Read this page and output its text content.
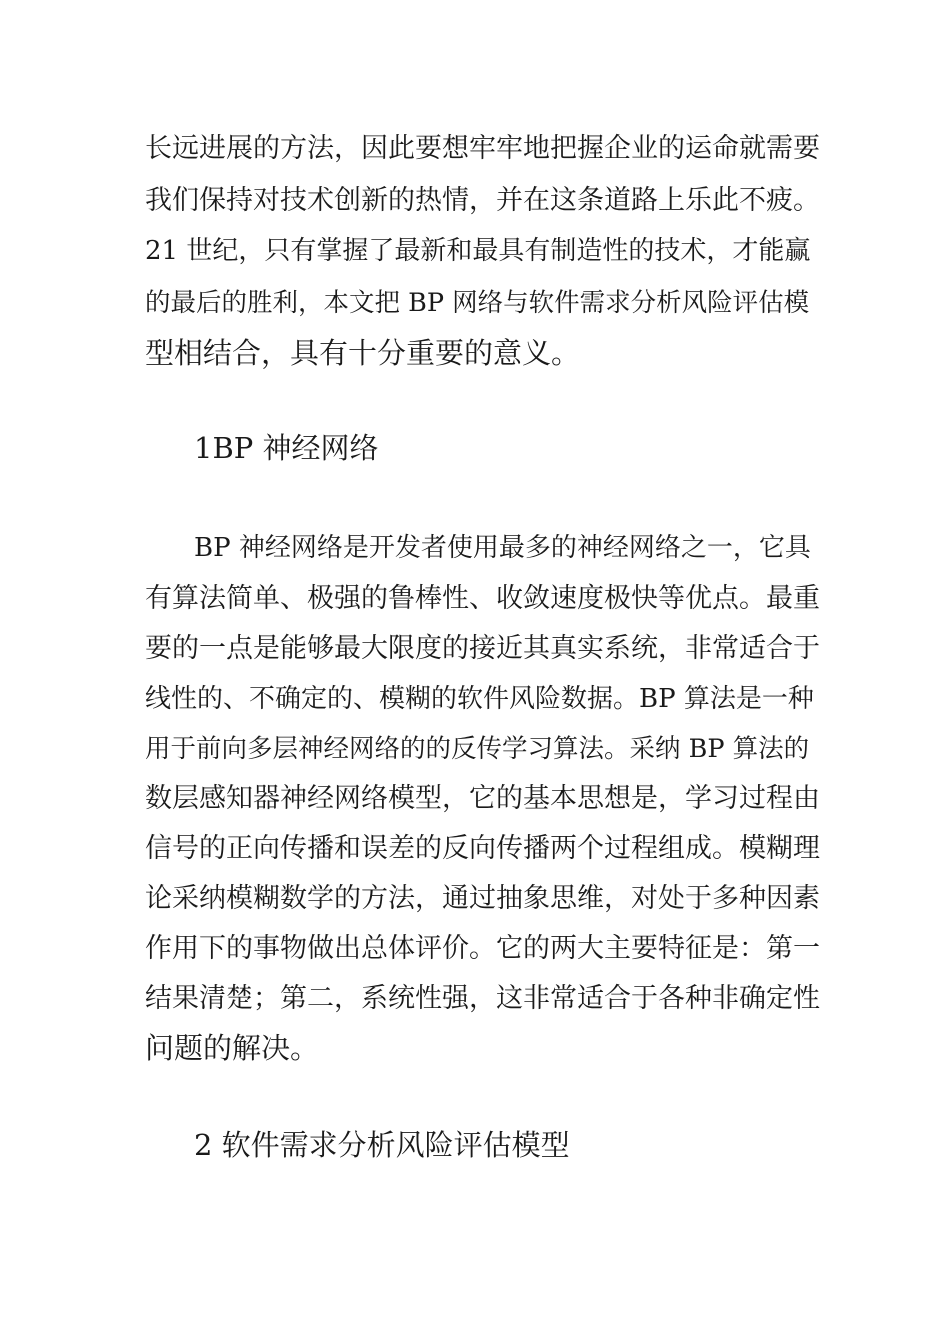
长远进展的方法，因此要想牢牢地把握企业的运命就需要
我们保持对技术创新的热情，并在这条道路上乐此不疲。
21 世纪，只有掌握了最新和最具有制造性的技术，才能赢
的最后的胜利，本文把 BP 网络与软件需求分析风险评估模
型相结合，具有十分重要的意义。
1BP 神经网络
BP 神经网络是开发者使用最多的神经网络之一，它具
有算法简单、极强的鲁棒性、收敛速度极快等优点。最重
要的一点是能够最大限度的接近其真实系统，非常适合于
线性的、不确定的、模糊的软件风险数据。BP 算法是一种
用于前向多层神经网络的的反传学习算法。采纳 BP 算法的
数层感知器神经网络模型，它的基本思想是，学习过程由
信号的正向传播和误差的反向传播两个过程组成。模糊理
论采纳模糊数学的方法，通过抽象思维，对处于多种因素
作用下的事物做出总体评价。它的两大主要特征是：第一
结果清楚；第二，系统性强，这非常适合于各种非确定性
问题的解决。
2 软件需求分析风险评估模型
